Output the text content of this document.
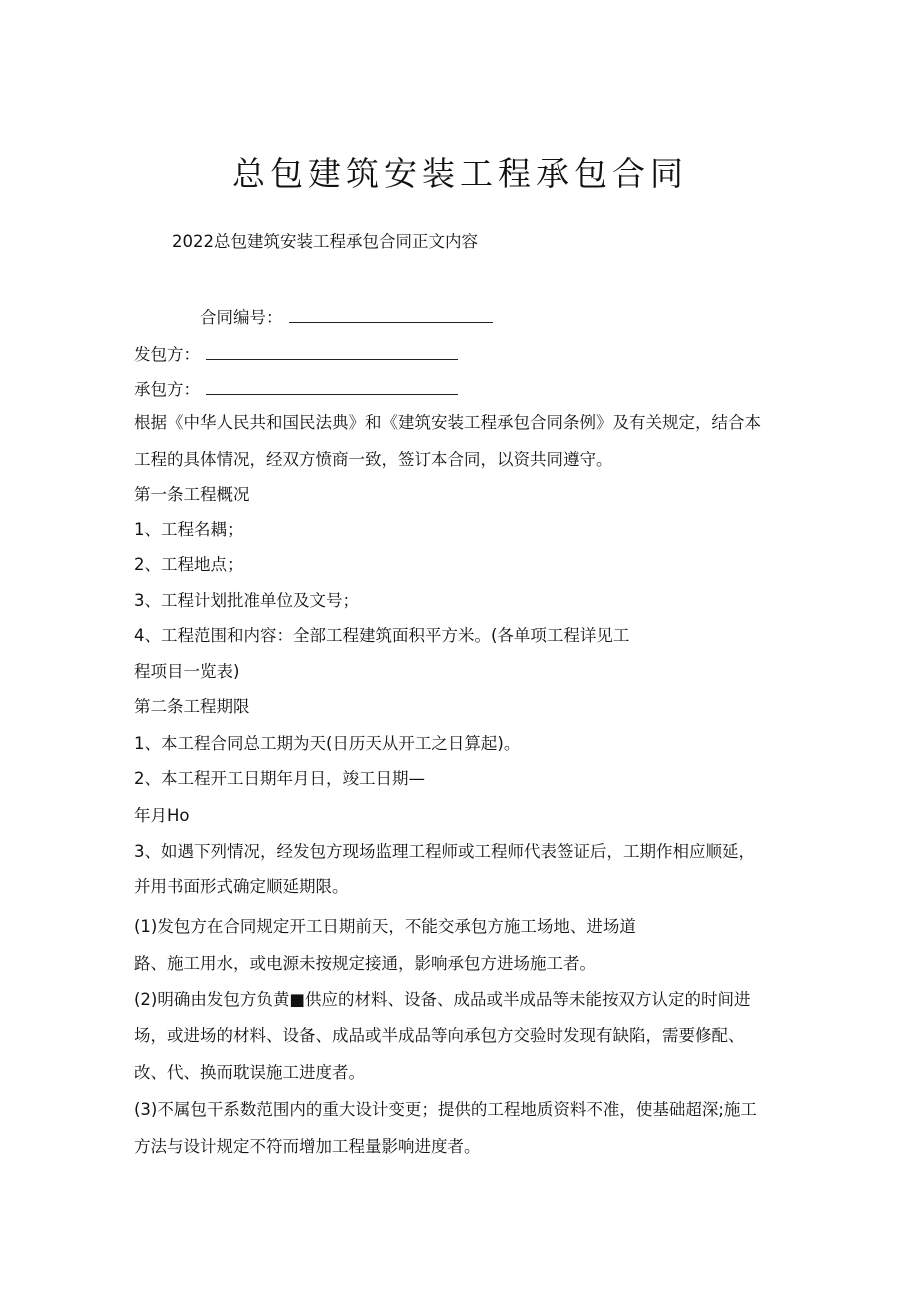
总包建筑安装工程承包合同
2022总包建筑安装工程承包合同正文内容
合同编号：
发包方：
承包方：
根据《中华人民共和国民法典》和《建筑安装工程承包合同条例》及有关规定，结合本
工程的具体情况，经双方愤商一致，签订本合同，以资共同遵守。
第一条工程概况
1、工程名耦；
2、工程地点；
3、工程计划批准单位及文号；
4、工程范围和内容：全部工程建筑面积平方米。(各单项工程详见工
程项目一览表)
第二条工程期限
1、本工程合同总工期为天(日历天从开工之日算起)。
2、本工程开工日期年月日，竣工日期—
年月Ho
3、如遇下列情况，经发包方现场监理工程师或工程师代表签证后，工期作相应顺延，
并用书面形式确定顺延期限。
(1)发包方在合同规定开工日期前天，不能交承包方施工场地、进场道
路、施工用水，或电源未按规定接通，影响承包方进场施工者。
(2)明确由发包方负黄■供应的材料、设备、成品或半成品等未能按双方认定的时间进
场，或进场的材料、设备、成品或半成品等向承包方交验时发现有缺陷，需要修配、
改、代、换而耽误施工进度者。
(3)不属包干系数范围内的重大设计变更；提供的工程地质资料不准，使基础超深;施工
方法与设计规定不符而增加工程量影响进度者。
